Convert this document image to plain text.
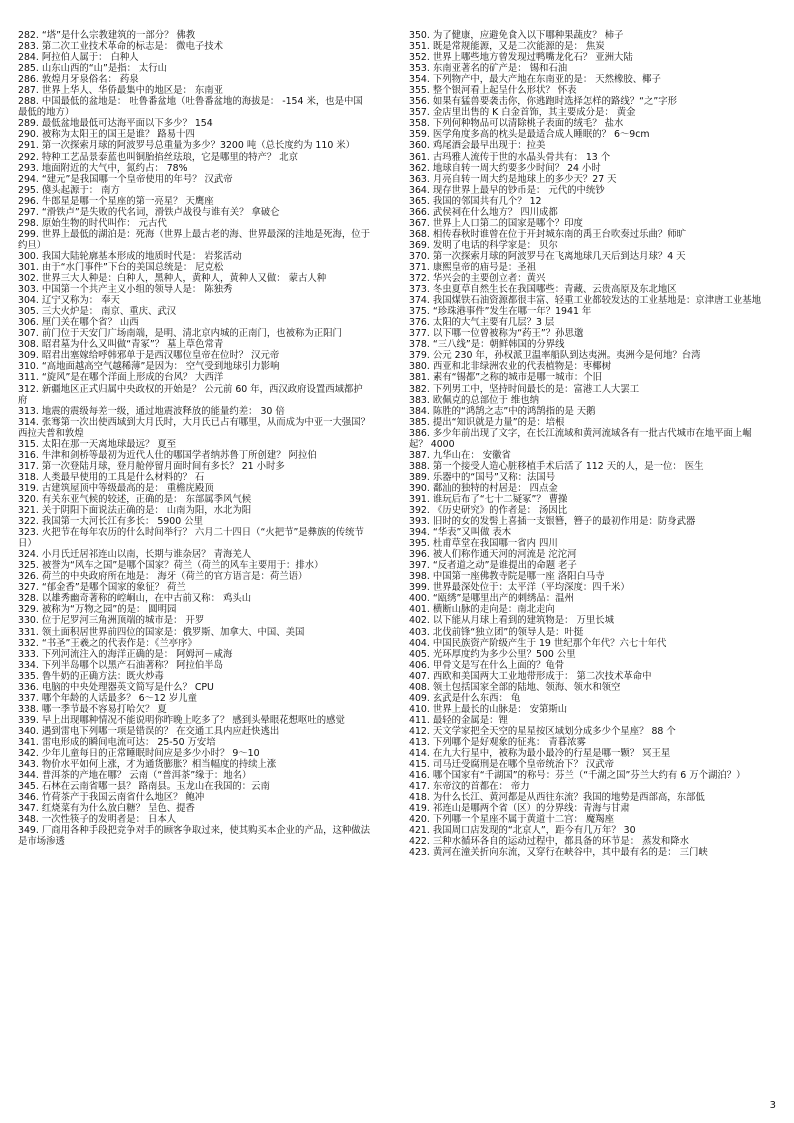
282. “塔”是什么宗教建筑的一部分？ 佛教

283. 第二次工业技术革命的标志是： 微电子技术

284. 阿拉伯人属于： 白种人

285. 山东山西的“山”是指： 太行山

286. 敦煌月牙泉俗名： 药泉

287. 世界上华人、华侨最集中的地区是： 东南亚

288. 中国最低的盆地是： 吐鲁番盆地（吐鲁番盆地的海拔是： -154 米，也是中国最低的地方）

289. 最低盆地最低可达海平面以下多少？ 154

290. 被称为太阳王的国王是谁？ 路易十四

291. 第一次探索月球的阿波罗号总重量为多少？3200 吨（总长度约为 110 米）

292. 特种工艺品景泰蓝也叫铜胎掐丝珐琅，它是哪里的特产？ 北京

293. 地面附近的大气中，氮约占： 78%

294. “建元”是我国哪一个皇帝使用的年号？ 汉武帝

295. 傻头起源于： 南方

296. 牛郎星是哪一个星座的第一亮星？ 天鹰座

297. “滑铁卢”是失败的代名词，滑铁卢战役与谁有关？ 拿破仑

298. 原始生物的时代叫作： 元古代

299. 世界上最低的湖泊是：死海（世界上最古老的海、世界最深的洼地是死海，位于约旦）

300. 我国大陆轮廓基本形成的地质时代是： 岩浆活动

301. 由于“水门事件”下台的美国总统是： 尼克松

302. 世界三大人种是：白种人，黑种人，黄种人，黄种人又做： 蒙古人种

303. 中国第一个共产主义小组的领导人是： 陈独秀

304. 辽宁又称为： 奉天

305. 三大火炉是： 南京、重庆、武汉

306. 厘门关在哪个省？ 山西

307. 前门位于天安门广场南端，是明、清北京内城的正南门，也被称为正阳门

308. 昭君墓为什么又叫做“青冢”？ 墓上草色常青

309. 昭君出塞嫁给呼韩邪单于是西汉哪位皇帝在位时？ 汉元帝

310. “高地面越高空气越稀薄”是因为： 空气受到地球引力影响

311. “旋风”是在哪个洋面上形成的台风？ 大西洋

312. 新疆地区正式归属中央政权的开始是？ 公元前 60 年，西汉政府设置西域都护府

313. 地震的震级每差一级，通过地震波释放的能量约差： 30 倍

314. 张骞第一次出使西域到大月氏时，大月氏已占有哪里，从而成为中亚一大强国？西拉夫普和敦煌

315. 太阳在那一天离地球最远？ 夏至

316. 牛津和剑桥等最初为近代人仕的哪国学者纳苏鲁丁所创建？ 阿拉伯

317. 第一次登陆月球，登月舱停留月面时间有多长？ 21 小时多

318. 人类最早使用的工具是什么材料的？ 石

319. 古建筑屋顶中等级最高的是： 重檐庑殿顶

320. 有关东亚气候的较述，正确的是： 东部属季风气候

321. 关于阴阳下面说法正确的是： 山南为阳，水北为阳

322. 我国第一大河长江有多长： 5900 公里

323. 火把节在每年农历的什么时间举行？ 六月二十四日（“火把节”是彝族的传统节日）

324. 小月氏迁居祁连山以南，长期与谁杂居？ 青海羌人

325. 被誉为“风车之国”是哪个国家？荷兰（荷兰的风车主要用于：排水）

326. 荷兰的中央政府所在地是： 海牙（荷兰的官方语言是：荷兰语）

327. “郁金香”是哪个国家的象征？ 荷兰

328. 以雄秀幽奇著称的崆峒山，在中古前又称： 鸡头山

329. 被称为“万物之园”的是： 圆明园

330. 位于尼罗河三角洲顶端的城市是： 开罗

331. 领土面积居世界前四位的国家是：俄罗斯、加拿大、中国、美国

332. “书圣”王羲之的代表作是：《兰亭序》

333. 下列河流注入的海洋正确的是： 阿姆河－咸海

334. 下列半岛哪个以黑产石油著称？ 阿拉伯半岛

335. 鲁牛奶的正确方法：既火炒毒

336. 电脑的中央处理器英文简写是什么？ CPU

337. 哪个年龄的人话最多？ 6～12 岁儿童

338. 哪一季节最不容易打哈欠？ 夏

339. 早上出现哪种情况不能说明你昨晚上吃多了？ 感到头晕眼花想呕吐的感觉

340. 遇到雷电下列哪一项是错误的？ 在交通工具内应赶快逃出

341. 雷电形成的瞬间电流可达： 25-50 万安培

342. 少年儿童每日的正常睡眠时间应是多少小时？ 9～10

343. 物价水平如何上涨，才为通货膨胀？相当幅度的持续上涨

344. 普洱茶的产地在哪？ 云南（“普洱茶”缘于：地名）

345. 石林在云南省哪一县？ 路南县。玉龙山在我国的：云南

346. 竹荷茶产于我国云南省什么地区？ 鲍冲

347. 红烧菜有为什么放白糖？ 呈色、提香

348. 一次性筷子的发明者是： 日本人

349. 厂商用各种手段把竞争对手的顾客争取过来，使其购买本企业的产品，这种做法是市场渗透

350. 为了健康，应避免食入以下哪种果蔬皮？ 柿子

351. 既是常规能源，又是二次能源的是： 焦炭

352. 世界上哪些地方曾发现过鸭嘴龙化石？ 亚洲大陆

353. 东南亚著名的矿产是： 锡和石油

354. 下列物产中，最大产地在东南亚的是： 天然橡胶、椰子

355. 整个银河看上起呈什么形状？ 怀表

356. 如果有猛兽要袭击你，你逃跑时选择怎样的路线？“之”字形

357. 金店里出售的 K 白金首饰，其主要成分是： 黄金

358. 下列何种物品可以清除桃子表面的绒毛？ 盐水

359. 医学角度多高的枕头是最适合成人睡眠的？ 6～9cm

360. 鸡尾酒会最早出现于：拉美

361. 古玛雅人流传于世的水晶头骨共有： 13 个

362. 地球自转一周大约要多少时间？ 24 小时

363. 月亮自转一周大约是地球上的多少天？27 天

364. 现存世界上最早的钞币是： 元代的中统钞

365. 我国的邻国共有几个？ 12

366. 武侯祠在什么地方？ 四川成都

367. 世界上人口第二的国家是哪个？印度

368. 相传春秋时谁曾在位于开封城东南的禹王台吹奏过乐曲？师旷

369. 发明了电话的科学家是： 贝尔

370. 第一次探索月球的阿波罗号在飞离地球几天后到达月球？4 天

371. 康熙皇帝的庙号是：圣祖

372. 华兴会的主要创立者：黄兴

373. 冬虫夏草自然生长在我国哪些：青藏、云贵高原及东北地区

374. 我国煤铁石油资源都很丰富、轻重工业都较发达的工业基地是：京津唐工业基地

375. “珍珠港事件”发生在哪一年？1941 年

376. 太阳的大气主要有几层？3 层

377. 以下哪一位曾被称为“药王”？孙思邈

378. “三八线”是：朝鲜韩国的分界线

379. 公元 230 年，孙权派卫温率船队到达夷洲。夷洲今是何地？台湾

380. 西亚和北非绿洲农业的代表植物是：枣椰树

381. 素有“锡都”之称的城市是哪一城市：个旧

382. 下列男工中，坚持时间最长的是：富港工人大罢工

383. 欧佩克的总部位于 维也纳

384. 陈胜的“鸿鹄之志”中的鸿鹄指的是 天鹅

385. 提出“知识就是力量”的是：培根

386. 多少年前出现了文字，在长江流域和黄河流域各有一批古代城市在地平面上崛起？ 4000

387. 九华山在： 安徽省

388. 第一个接受人造心脏移植手术后活了 112 天的人，是一位： 医生

389. 乐器中的“国号”又称：法国号

390. 鄱汕的独特的村居是： 四点金

391. 谁玩后布了“七十二疑冢”？ 曹操

392. 《历史研究》的作者是： 汤因比

393. 旧时的女的发髻上喜插一支银簪，簪子的最初作用是：防身武器

394. “华表”又叫做 表木

395. 杜甫草堂在我国哪一省内 四川

396. 被人们称作通天河的河流是 沱沱河

397. “反者道之动”是谁提出的命题 老子

398. 中国第一座佛教寺院是哪一座 洛阳白马寺

399. 世界最深处位于：太平洋（平均深度：四千米）

400. “瓯绣”是哪里出产的刺绣品：温州

401. 横断山脉的走向是：南北走向

402. 以下能从月球上看到的建筑物是： 万里长城

403. 北伐前锋“独立团”的领导人是：叶挺

404. 中国民族资产阶级产生于 19 世纪那个年代？六七十年代

405. 光环厚度约为多少公里？500 公里

406. 甲骨文是写在什么上面的？龟骨

407. 西欧和美国两大工业地带形成于： 第二次技术革命中

408. 领土包括国家全部的陆地、领海、领水和领空

409. 玄武是什么东西： 龟

410. 世界上最长的山脉是： 安第斯山

411. 最轻的金属是：锂

412. 天文学家把全天空的星星按区域划分成多少个星座？ 88 个

413. 下列哪个是好观象的征兆： 青暮浓雾

414. 在九大行星中，被称为最小最冷的行星是哪一颗？ 冥王星

415. 司马迁受腐刑是在哪个皇帝统治下？ 汉武帝

416. 哪个国家有“千湖国”的称号：芬兰（“千湖之国”芬兰大约有 6 万个湖泊？）

417. 东帝汶的首都在： 帝力

418. 为什么长江、黄河都是从西往东流？我国的地势是西部高，东部低

419. 祁连山是哪两个省（区）的分界线：青海与甘肃

420. 下列哪一个星座不属于黄道十二宫： 魔羯座

421. 我国周口店发现的“北京人”，距今有几万年？ 30

422. 三种水循环各自的运动过程中，都具备的环节是： 蒸发和降水

423. 黄河在潼关折向东流，又穿行在峡谷中，其中最有名的是： 三门峡

3
